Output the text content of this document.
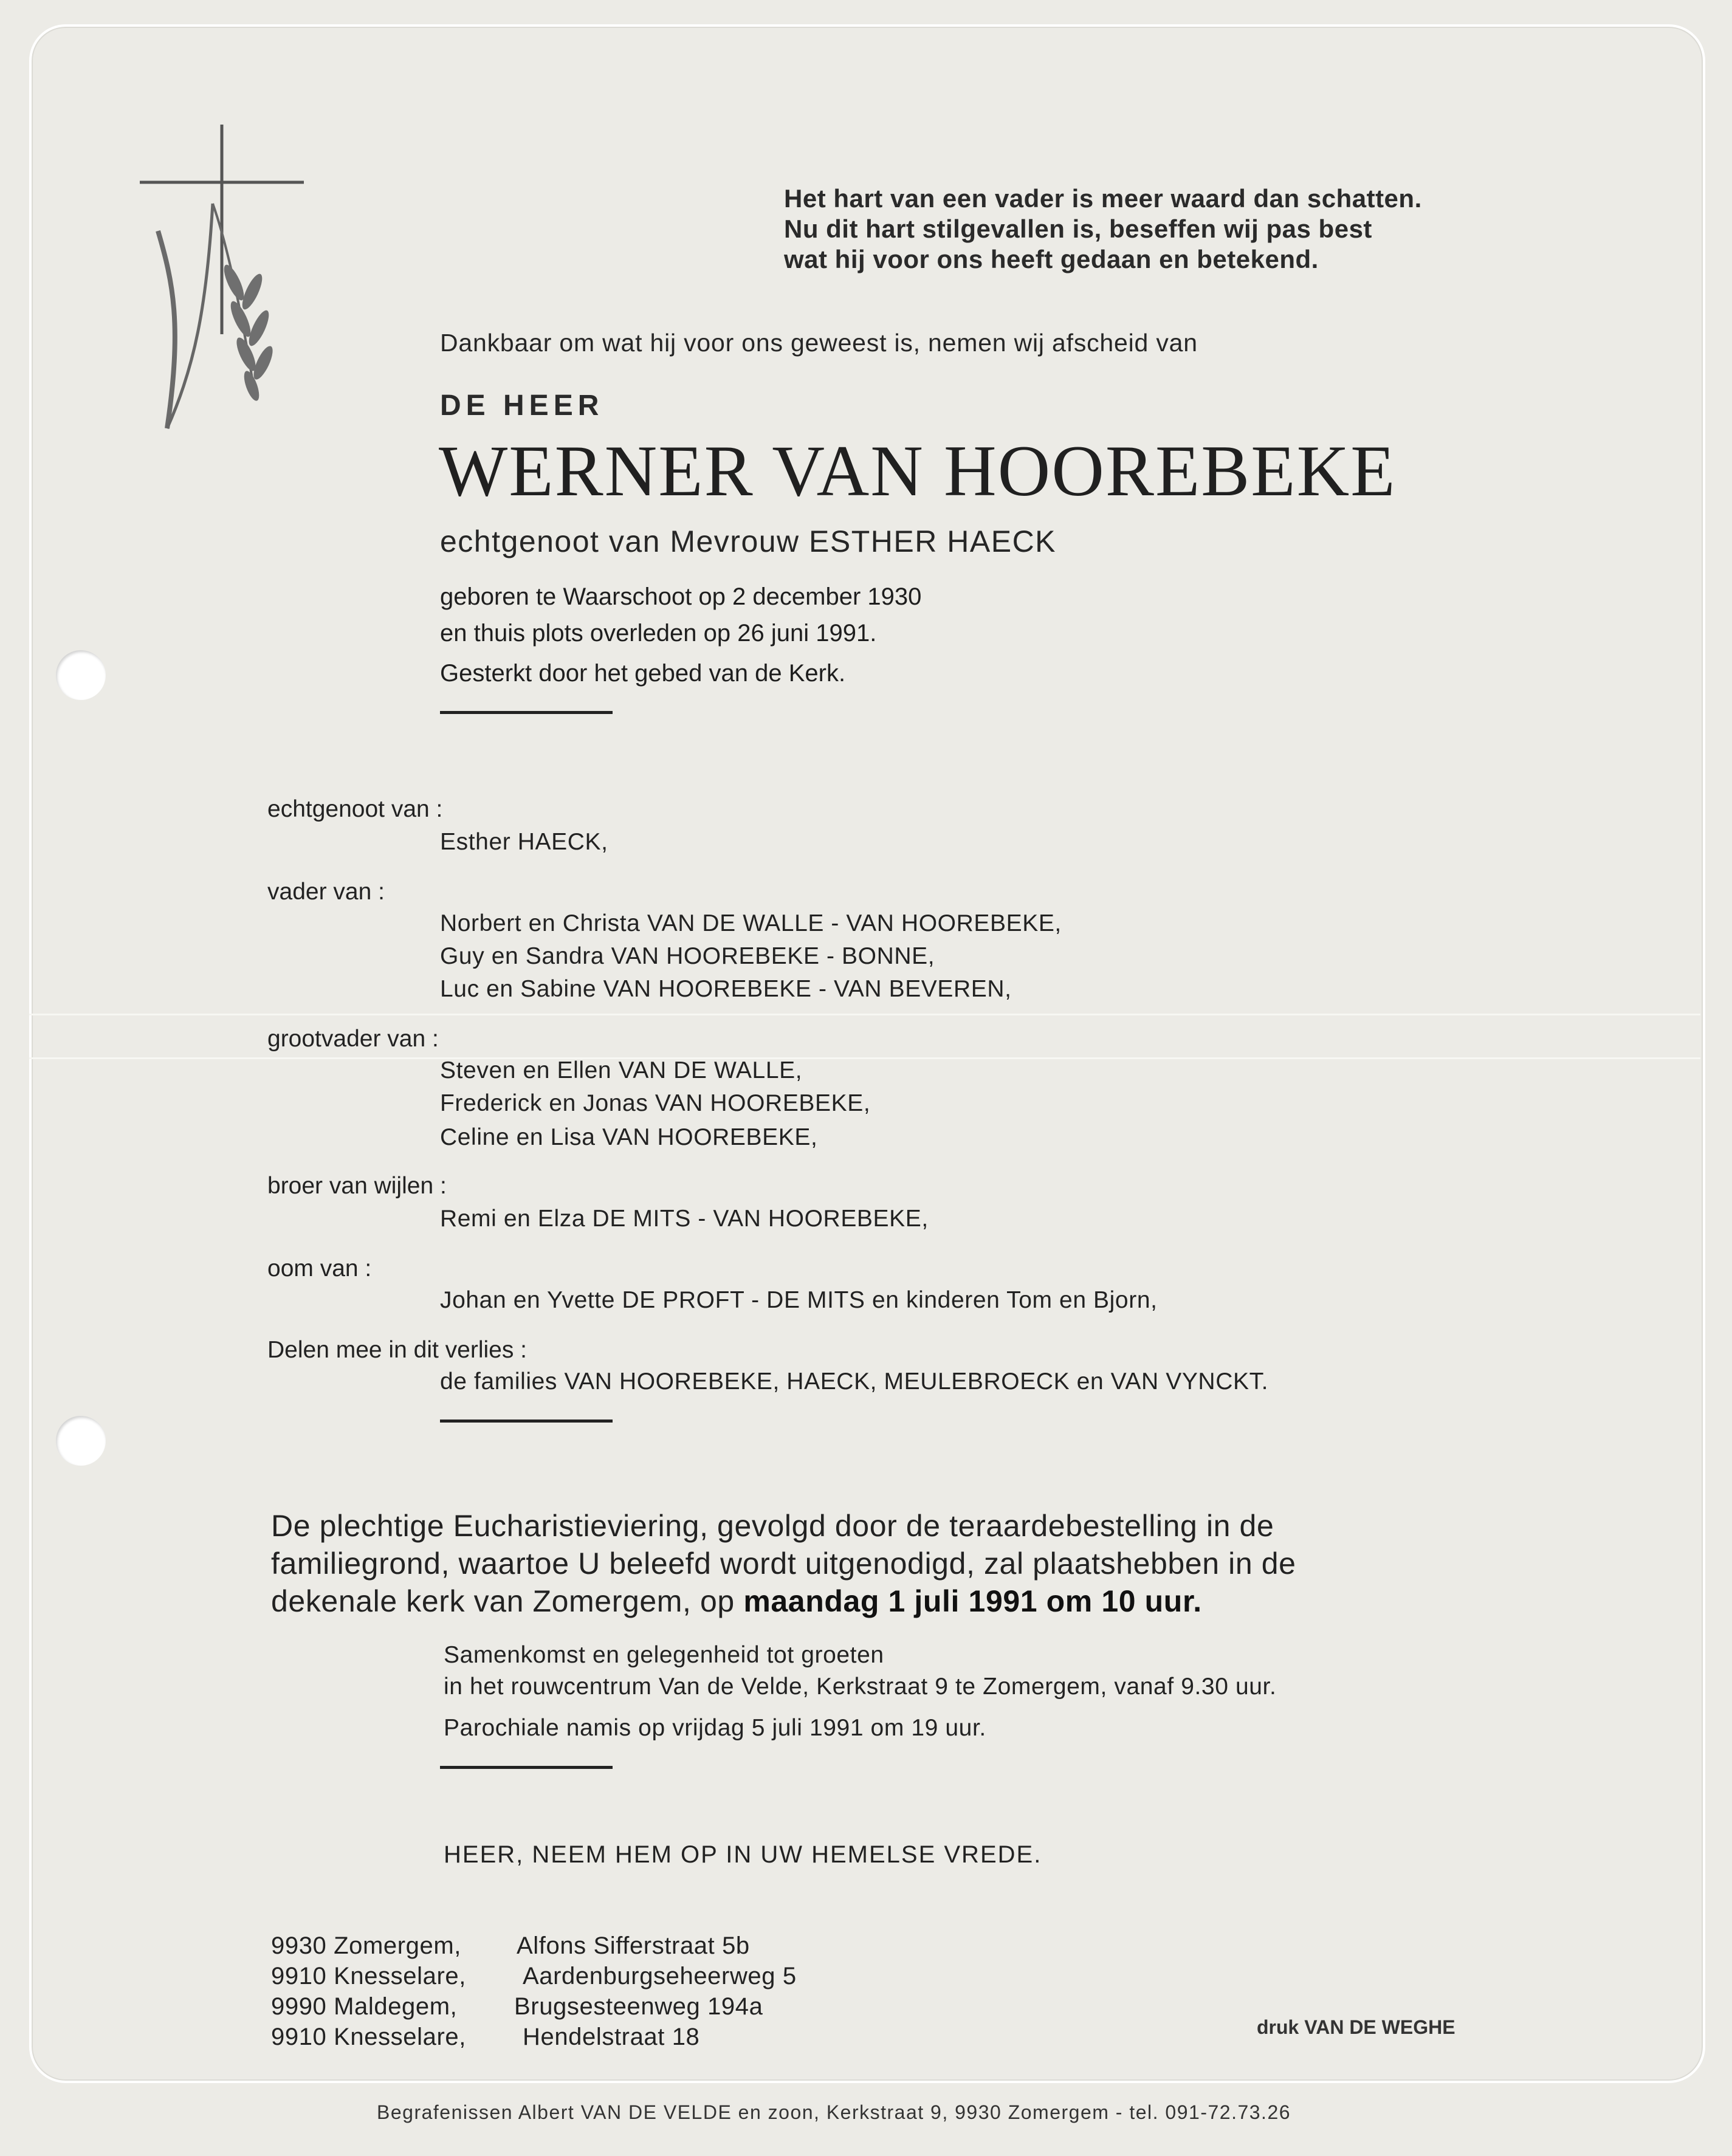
Het hart van een vader is meer waard dan schatten.
Nu dit hart stilgevallen is, beseffen wij pas best
wat hij voor ons heeft gedaan en betekend.
Dankbaar om wat hij voor ons geweest is, nemen wij afscheid van
DE HEER
WERNER VAN HOOREBEKE
echtgenoot van Mevrouw ESTHER HAECK
geboren te Waarschoot op 2 december 1930
en thuis plots overleden op 26 juni 1991.
Gesterkt door het gebed van de Kerk.
echtgenoot van :
Esther HAECK,
vader van :
Norbert en Christa VAN DE WALLE - VAN HOOREBEKE,
Guy en Sandra VAN HOOREBEKE - BONNE,
Luc en Sabine VAN HOOREBEKE - VAN BEVEREN,
grootvader van :
Steven en Ellen VAN DE WALLE,
Frederick en Jonas VAN HOOREBEKE,
Celine en Lisa VAN HOOREBEKE,
broer van wijlen :
Remi en Elza DE MITS - VAN HOOREBEKE,
oom van :
Johan en Yvette DE PROFT - DE MITS en kinderen Tom en Bjorn,
Delen mee in dit verlies :
de families VAN HOOREBEKE, HAECK, MEULEBROECK en VAN VYNCKT.
De plechtige Eucharistieviering, gevolgd door de teraardebestelling in de
familiegrond, waartoe U beleefd wordt uitgenodigd, zal plaatshebben in de
dekenale kerk van Zomergem, op maandag 1 juli 1991 om 10 uur.
Samenkomst en gelegenheid tot groeten
in het rouwcentrum Van de Velde, Kerkstraat 9 te Zomergem, vanaf 9.30 uur.
Parochiale namis op vrijdag 5 juli 1991 om 19 uur.
HEER, NEEM HEM OP IN UW HEMELSE VREDE.
9930 Zomergem, Alfons Sifferstraat 5b
9910 Knesselare, Aardenburgseheerweg 5
9990 Maldegem, Brugsesteenweg 194a
9910 Knesselare, Hendelstraat 18	druk VAN DE WEGHE
Begrafenissen Albert VAN DE VELDE en zoon, Kerkstraat 9, 9930 Zomergem - tel. 091-72.73.26
